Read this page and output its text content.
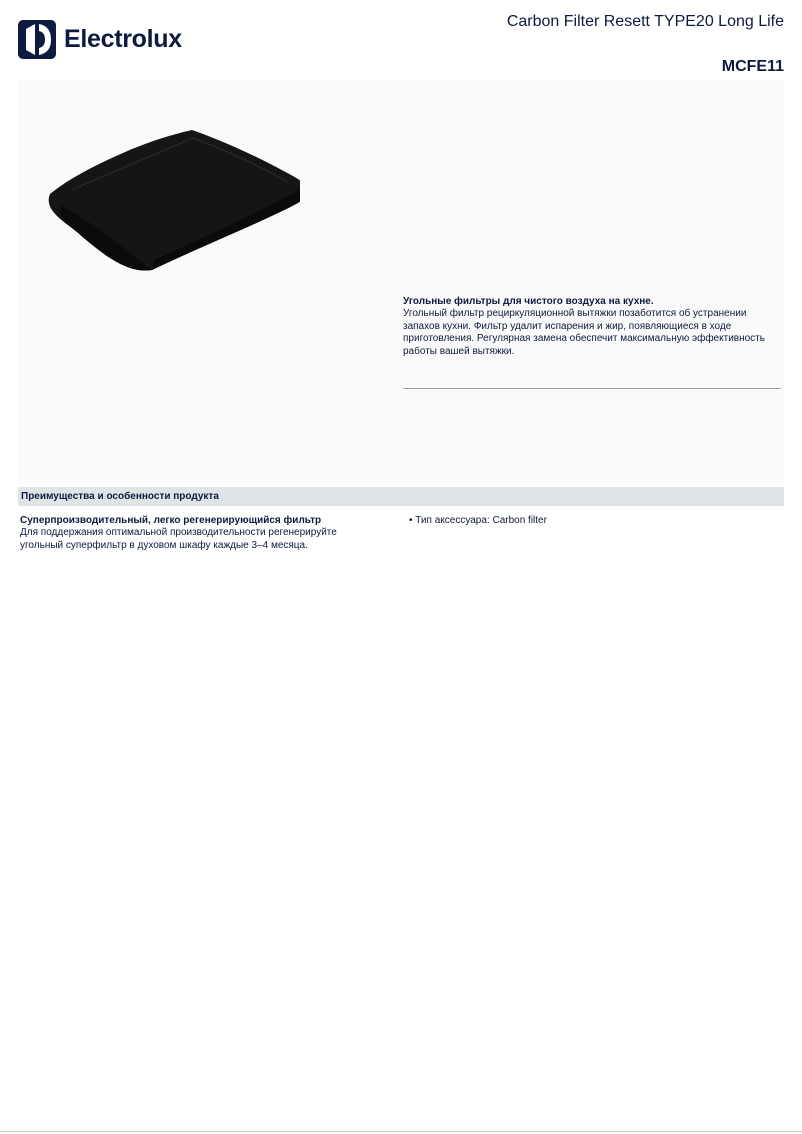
Electrolux
Carbon Filter Resett TYPE20 Long Life
MCFE11
Угольные фильтры для чистого воздуха на кухне.
Угольный фильтр рециркуляционной вытяжки позаботится об устранении запахов кухни. Фильтр удалит испарения и жир, появляющиеся в ходе приготовления. Регулярная замена обеспечит максимальную эффективность работы вашей вытяжки.
Преимущества и особенности продукта
Суперпроизводительный, легко регенерирующийся фильтр
Для поддержания оптимальной производительности регенерируйте угольный суперфильтр в духовом шкафу каждые 3–4 месяца.
• Тип аксессуара: Carbon filter
